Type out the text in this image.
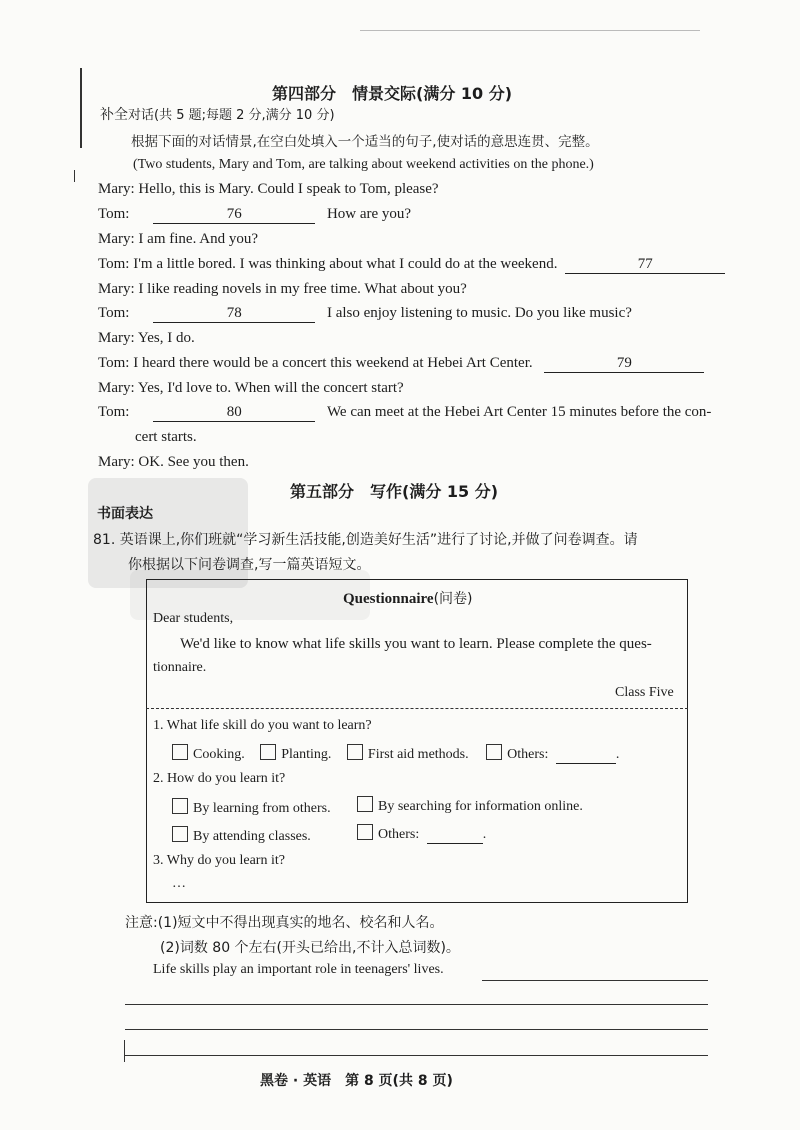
第四部分　情景交际(满分 10 分)
补全对话(共 5 题;每题 2 分,满分 10 分)
根据下面的对话情景,在空白处填入一个适当的句子,使对话的意思连贯、完整。
(Two students, Mary and Tom, are talking about weekend activities on the phone.)
Mary: Hello, this is Mary. Could I speak to Tom, please?
Tom:	76	How are you?
Mary: I am fine. And you?
Tom: I'm a little bored. I was thinking about what I could do at the weekend.	77
Mary: I like reading novels in my free time. What about you?
Tom:	78	I also enjoy listening to music. Do you like music?
Mary: Yes, I do.
Tom: I heard there would be a concert this weekend at Hebei Art Center.	79
Mary: Yes, I'd love to. When will the concert start?
Tom:	80	We can meet at the Hebei Art Center 15 minutes before the con-
cert starts.
Mary: OK. See you then.
第五部分　写作(满分 15 分)
书面表达
81. 英语课上,你们班就“学习新生活技能,创造美好生活”进行了讨论,并做了问卷调查。请
你根据以下问卷调查,写一篇英语短文。
Questionnaire(问卷)
Dear students,
We'd like to know what life skills you want to learn. Please complete the ques-
tionnaire.
Class Five
1. What life skill do you want to learn?
Cooking.	Planting.	First aid methods.	Others:	.
2. How do you learn it?
By learning from others.	By searching for information online.
By attending classes.	Others:	.
3. Why do you learn it?
…
注意:(1)短文中不得出现真实的地名、校名和人名。
(2)词数 80 个左右(开头已给出,不计入总词数)。
Life skills play an important role in teenagers' lives.
黑卷 · 英语　第 8 页(共 8 页)
